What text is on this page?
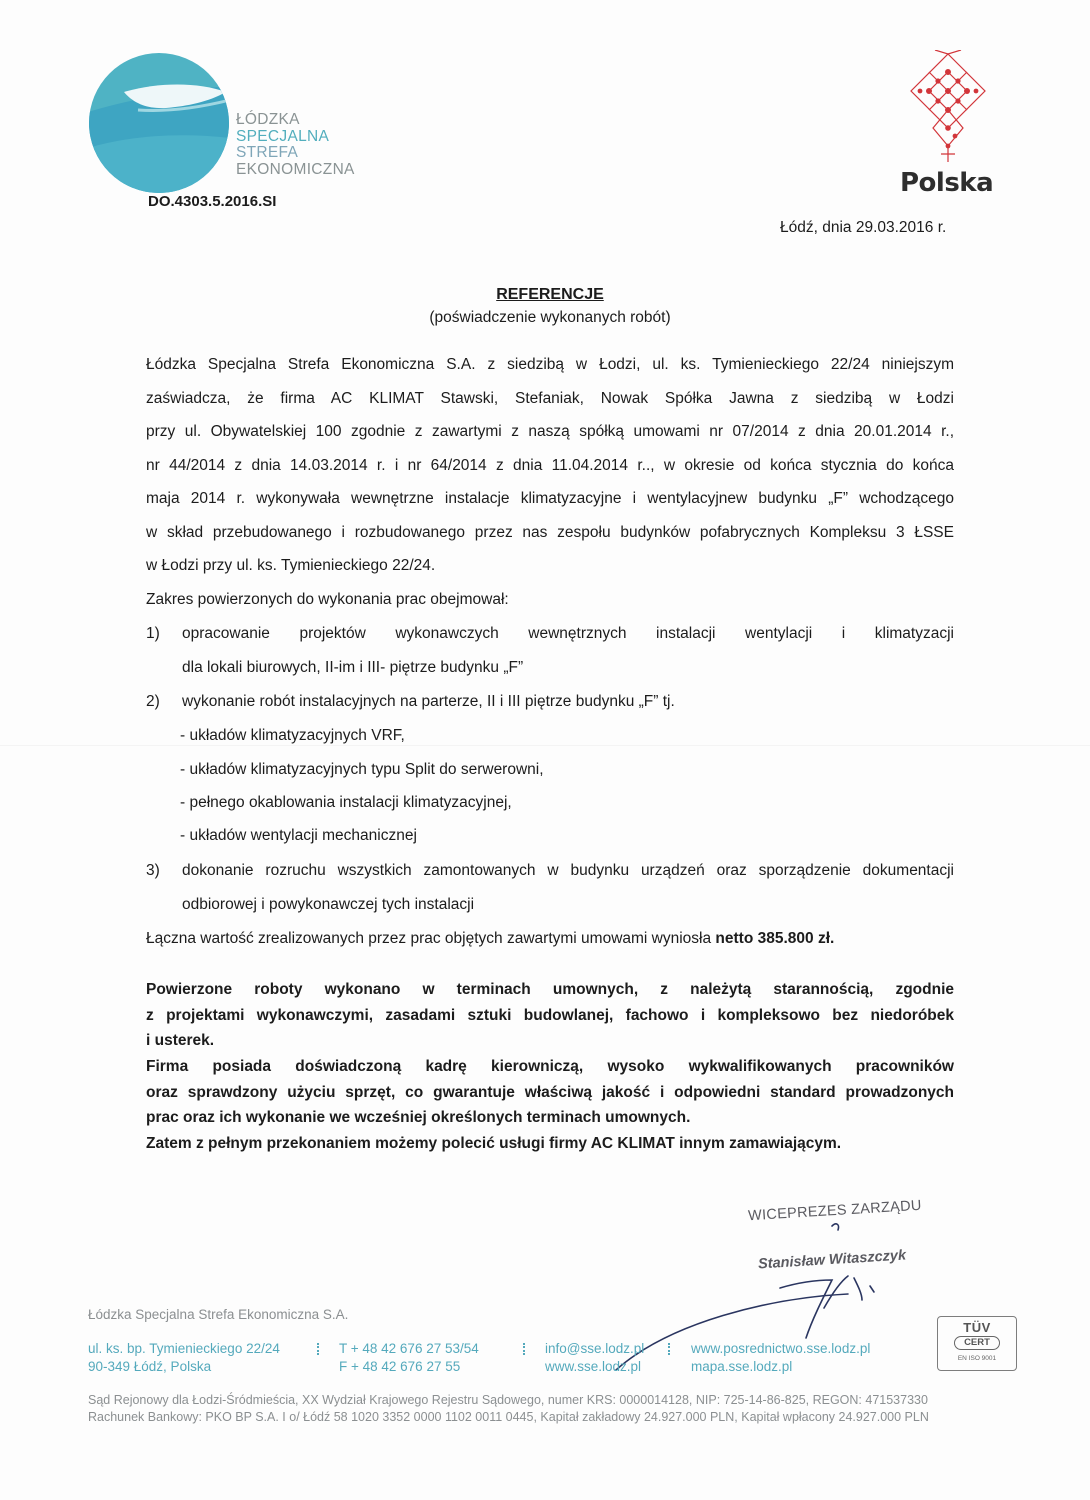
ŁÓDZKA
SPECJALNA
STREFA
EKONOMICZNA
DO.4303.5.2016.SI
Polska
Łódź, dnia 29.03.2016 r.
REFERENCJE
(poświadczenie wykonanych robót)
Łódzka Specjalna Strefa Ekonomiczna S.A. z siedzibą w Łodzi, ul. ks. Tymienieckiego 22/24 niniejszym
zaświadcza, że firma AC KLIMAT Stawski, Stefaniak, Nowak Spółka Jawna z siedzibą w Łodzi
przy ul. Obywatelskiej 100 zgodnie z zawartymi z naszą spółką umowami nr 07/2014 z dnia 20.01.2014 r.,
nr 44/2014 z dnia 14.03.2014 r. i nr 64/2014 z dnia 11.04.2014 r.., w okresie od końca stycznia do końca
maja 2014 r. wykonywała wewnętrzne instalacje klimatyzacyjne i wentylacyjnew budynku „F” wchodzącego
w skład przebudowanego i rozbudowanego przez nas zespołu budynków pofabrycznych Kompleksu 3 ŁSSE
w Łodzi przy ul. ks. Tymienieckiego 22/24.
Zakres powierzonych do wykonania prac obejmował:
1) opracowanie projektów wykonawczych wewnętrznych instalacji wentylacji i klimatyzacji
dla lokali biurowych, II-im i III- piętrze budynku „F”
2) wykonanie robót instalacyjnych na parterze, II i III piętrze budynku „F” tj.
- układów klimatyzacyjnych VRF,
- układów klimatyzacyjnych typu Split do serwerowni,
- pełnego okablowania instalacji klimatyzacyjnej,
- układów wentylacji mechanicznej
3) dokonanie rozruchu wszystkich zamontowanych w budynku urządzeń oraz sporządzenie dokumentacji
odbiorowej i powykonawczej tych instalacji
Łączna wartość zrealizowanych przez prac objętych zawartymi umowami wyniosła netto 385.800 zł.
Powierzone roboty wykonano w terminach umownych, z należytą starannością, zgodnie
z projektami wykonawczymi, zasadami sztuki budowlanej, fachowo i kompleksowo bez niedoróbek
i usterek.
Firma posiada doświadczoną kadrę kierowniczą, wysoko wykwalifikowanych pracowników
oraz sprawdzony użyciu sprzęt, co gwarantuje właściwą jakość i odpowiedni standard prowadzonych
prac oraz ich wykonanie we wcześniej określonych terminach umownych.
Zatem z pełnym przekonaniem możemy polecić usługi firmy AC KLIMAT innym zamawiającym.
WICEPREZES ZARZĄDU
Stanisław Witaszczyk
Łódzka Specjalna Strefa Ekonomiczna S.A.
ul. ks. bp. Tymienieckiego 22/24
90-349 Łódź, Polska
T + 48 42 676 27 53/54
F + 48 42 676 27 55
info@sse.lodz.pl
www.sse.lodz.pl
www.posrednictwo.sse.lodz.pl
mapa.sse.lodz.pl
TÜV
CERT
EN ISO 9001
Sąd Rejonowy dla Łodzi-Śródmieścia, XX Wydział Krajowego Rejestru Sądowego, numer KRS: 0000014128, NIP: 725-14-86-825, REGON: 471537330
Rachunek Bankowy: PKO BP S.A. I o/ Łódź 58 1020 3352 0000 1102 0011 0445, Kapitał zakładowy 24.927.000 PLN, Kapitał wpłacony 24.927.000 PLN
